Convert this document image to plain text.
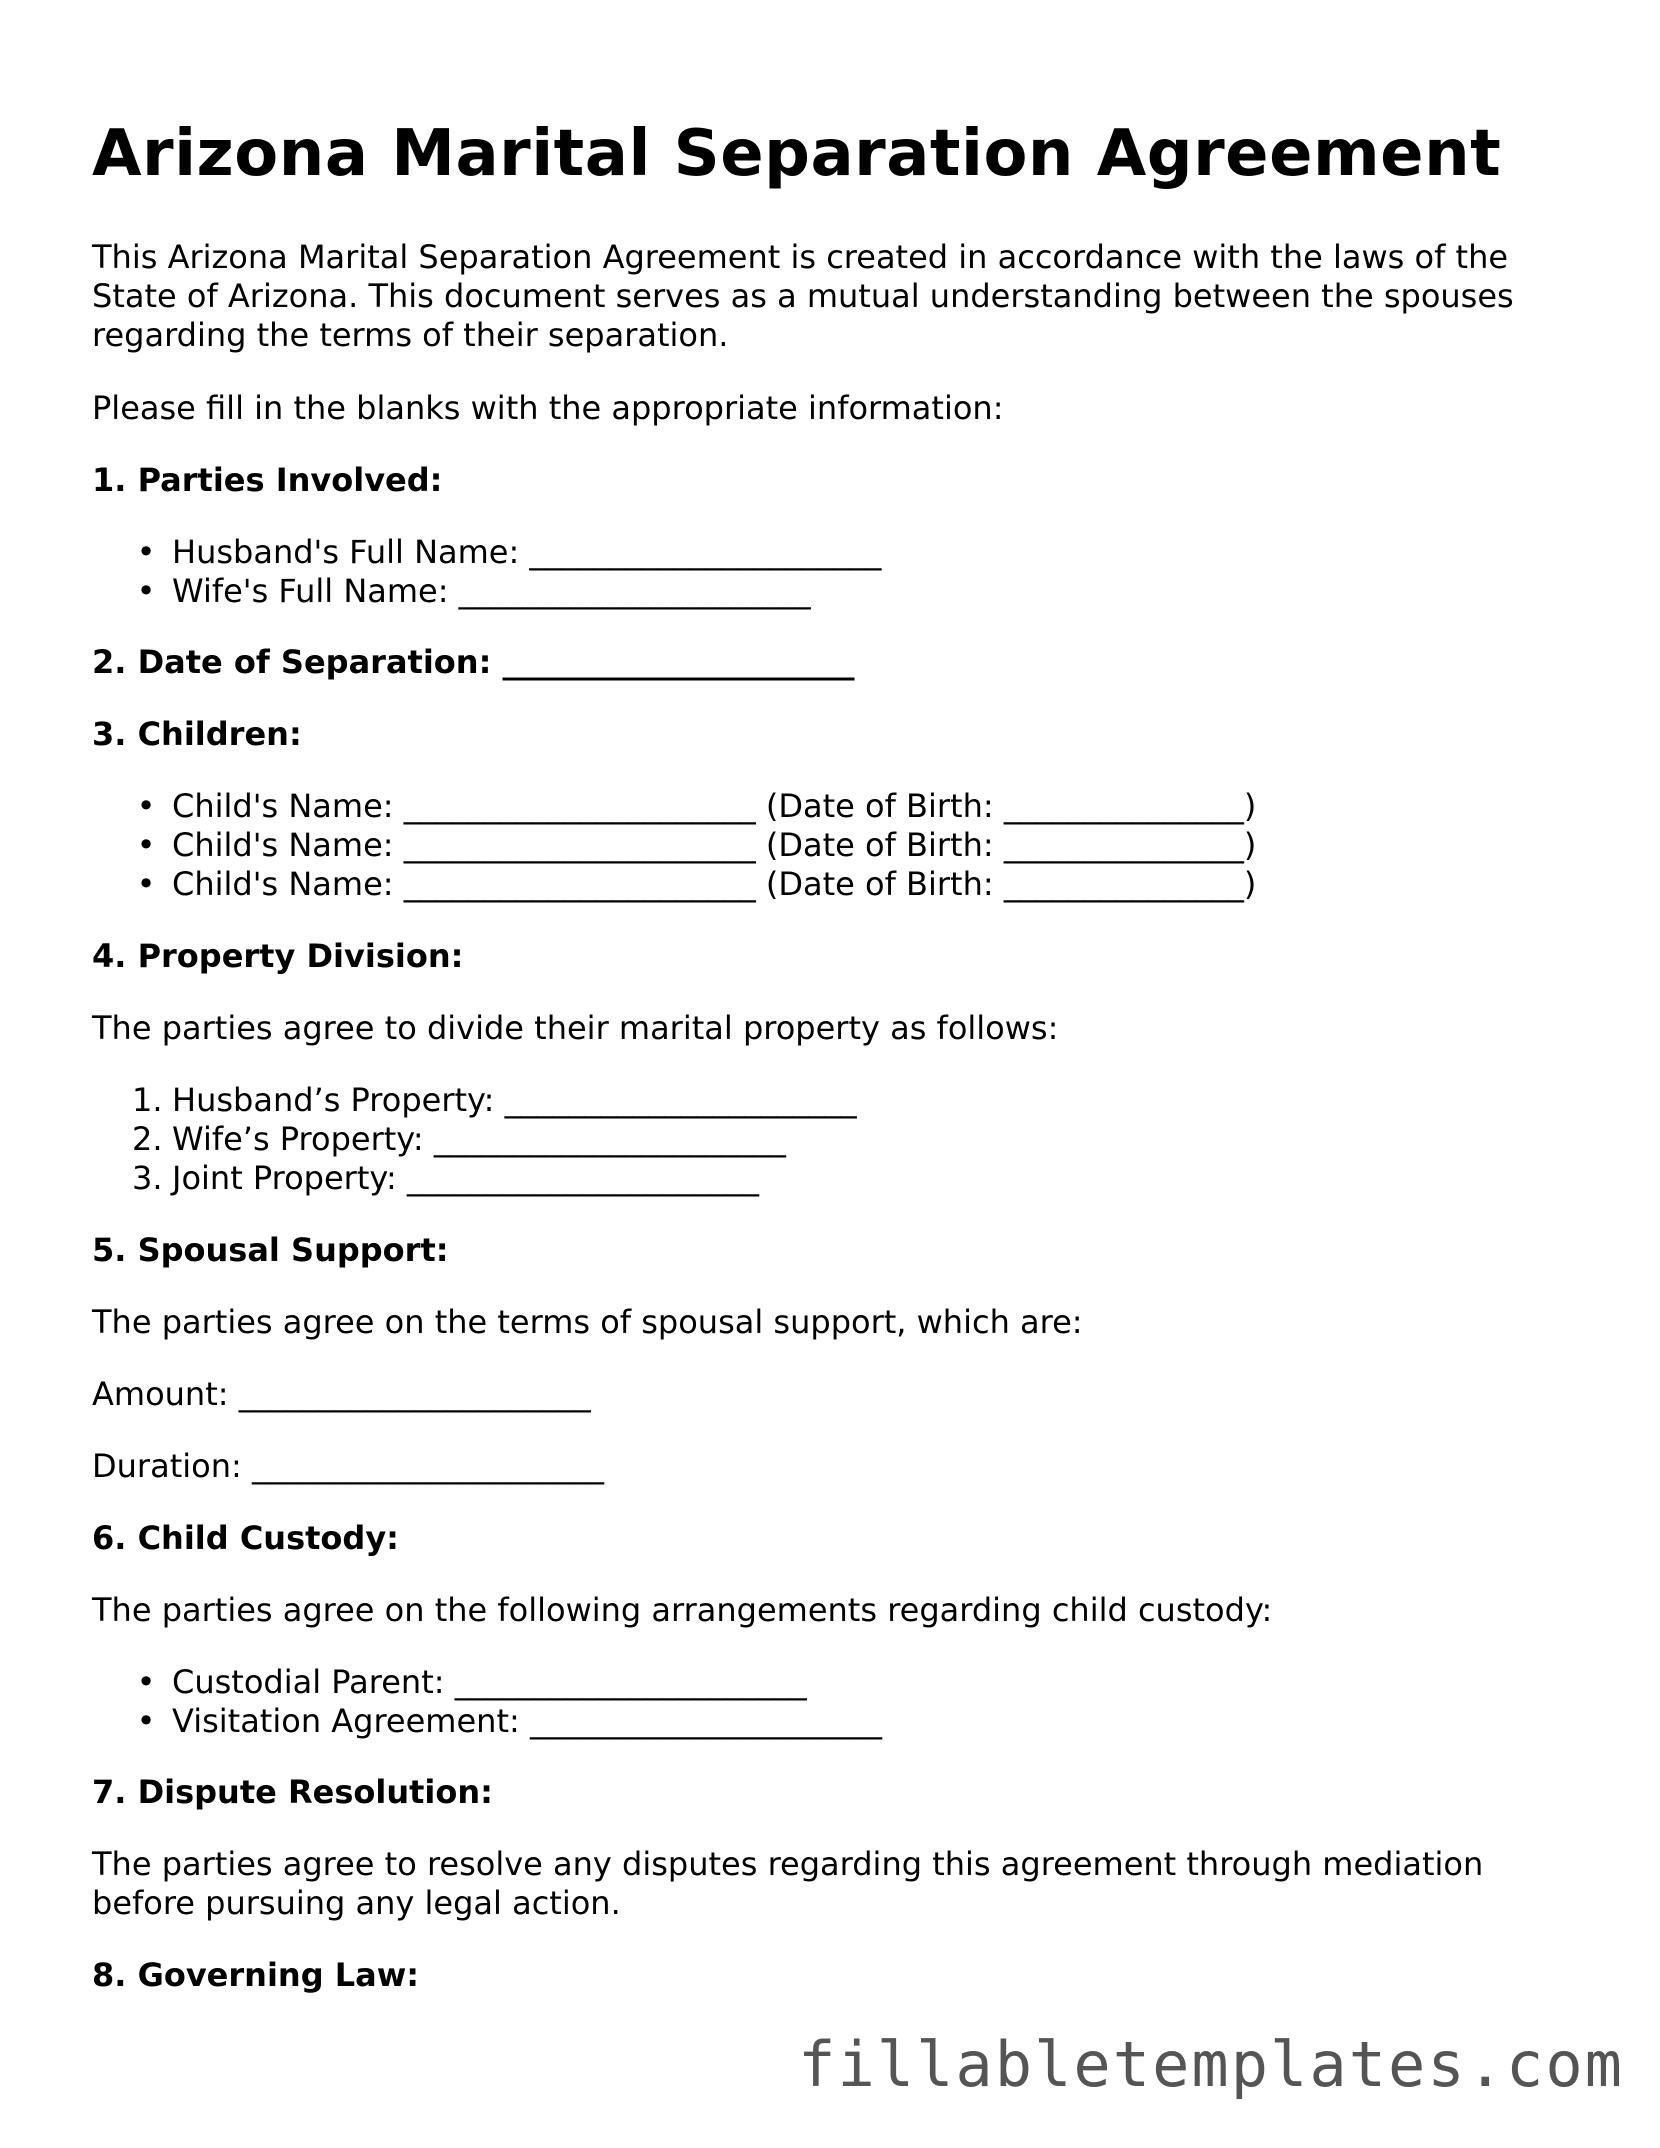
Arizona Marital Separation Agreement

This Arizona Marital Separation Agreement is created in accordance with the laws of the

State of Arizona. This document serves as a mutual understanding between the spouses

regarding the terms of their separation.

Please fill in the blanks with the appropriate information:

1. Parties Involved:

• Husband's Full Name: ______________________
• Wife's Full Name: ______________________

2. Date of Separation: ______________________

3. Children:

• Child's Name: ______________________ (Date of Birth: _______________)
• Child's Name: ______________________ (Date of Birth: _______________)
• Child's Name: ______________________ (Date of Birth: _______________)

4. Property Division:

The parties agree to divide their marital property as follows:

1. Husband’s Property: ______________________
2. Wife’s Property: ______________________
3. Joint Property: ______________________

5. Spousal Support:

The parties agree on the terms of spousal support, which are:

Amount: ______________________

Duration: ______________________

6. Child Custody:

The parties agree on the following arrangements regarding child custody:

• Custodial Parent: ______________________
• Visitation Agreement: ______________________

7. Dispute Resolution:

The parties agree to resolve any disputes regarding this agreement through mediation

before pursuing any legal action.

8. Governing Law:

fillabletemplates.com
